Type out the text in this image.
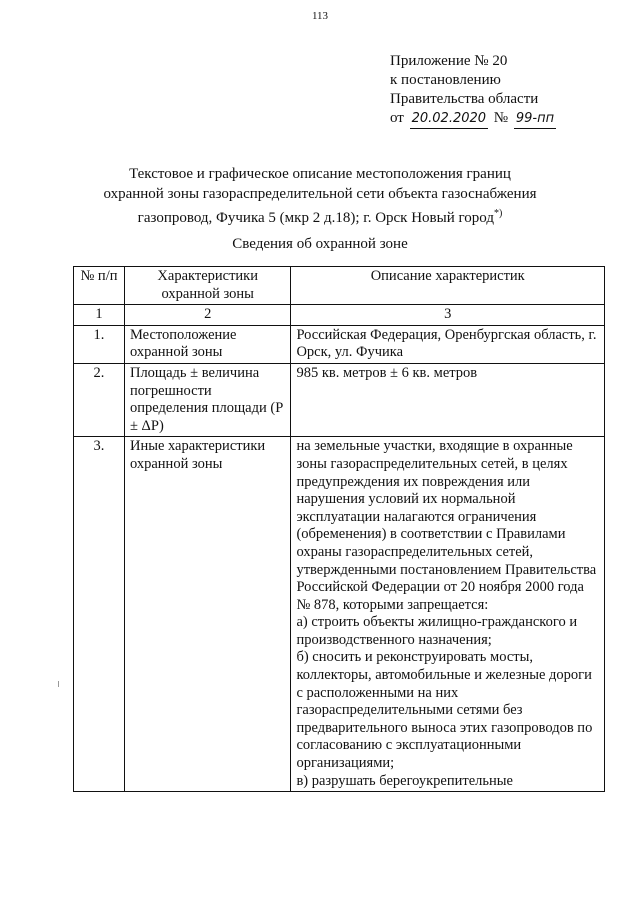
113
Приложение № 20
к постановлению
Правительства области
от 20.02.2020 № 99-пп
Текстовое и графическое описание местоположения границ
охранной зоны газораспределительной сети объекта газоснабжения
газопровод, Фучика 5 (мкр 2 д.18); г. Орск Новый город*)
Сведения об охранной зоне
№ п/п	Характеристики охранной зоны	Описание характеристик
1	2	3
1.	Местоположение охранной зоны	Российская Федерация, Оренбургская область, г. Орск, ул. Фучика

2.	Площадь ± величина погрешности определения площади (Р ± ΔР)	985 кв. метров ± 6 кв. метров

3.	Иные характеристики охранной зоны	на земельные участки, входящие в охранные зоны газораспределительных сетей, в целях предупреждения их повреждения или нарушения условий их нормальной эксплуатации налагаются ограничения (обременения) в соответствии с Правилами охраны газораспределительных сетей, утвержденными постановлением Правительства Российской Федерации от 20 ноября 2000 года
№ 878, которыми запрещается:
а) строить объекты жилищно-гражданского и производственного назначения;
б) сносить и реконструировать мосты, коллекторы, автомобильные и железные дороги с расположенными на них газораспределительными сетями без предварительного выноса этих газопроводов по согласованию с эксплуатационными организациями;
в) разрушать берегоукрепительные
